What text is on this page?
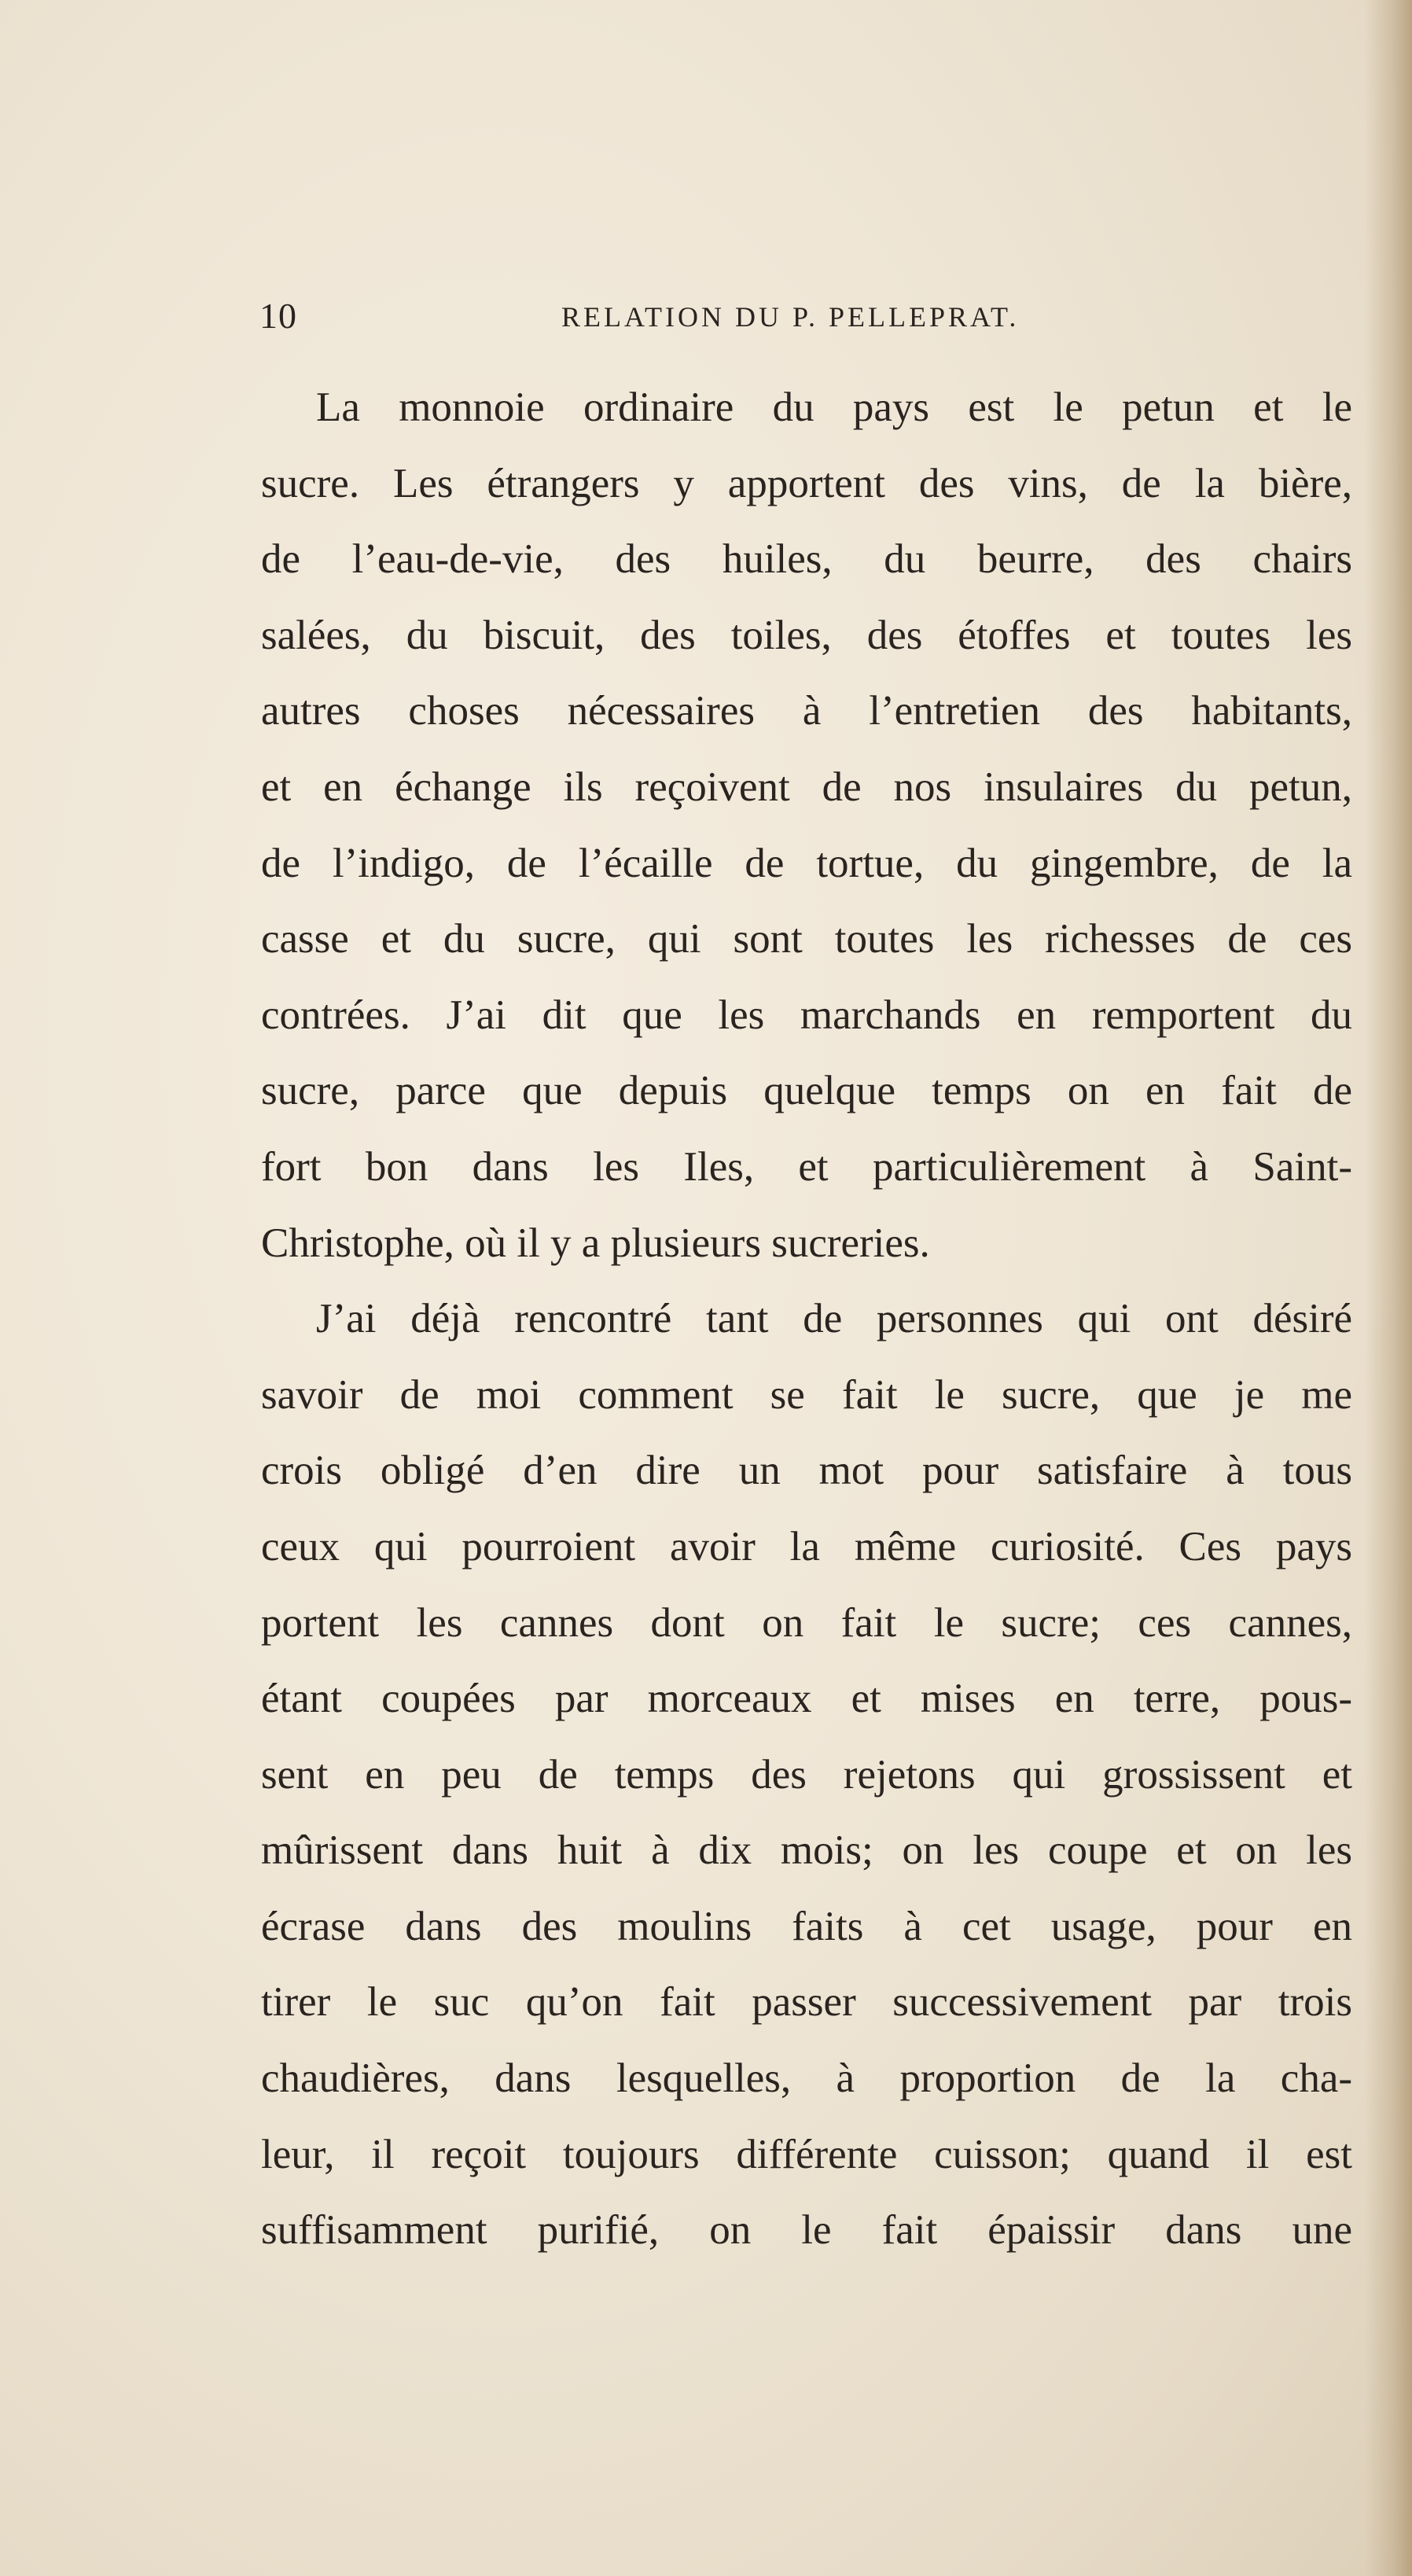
10	RELATION DU P. PELLEPRAT.
La monnoie ordinaire du pays est le petun et le
sucre. Les étrangers y apportent des vins, de la bière,
de l’eau-de-vie, des huiles, du beurre, des chairs
salées, du biscuit, des toiles, des étoffes et toutes les
autres choses nécessaires à l’entretien des habitants,
et en échange ils reçoivent de nos insulaires du petun,
de l’indigo, de l’écaille de tortue, du gingembre, de la
casse et du sucre, qui sont toutes les richesses de ces
contrées. J’ai dit que les marchands en remportent du
sucre, parce que depuis quelque temps on en fait de
fort bon dans les Iles, et particulièrement à Saint-
Christophe, où il y a plusieurs sucreries.
J’ai déjà rencontré tant de personnes qui ont désiré
savoir de moi comment se fait le sucre, que je me
crois obligé d’en dire un mot pour satisfaire à tous
ceux qui pourroient avoir la même curiosité. Ces pays
portent les cannes dont on fait le sucre; ces cannes,
étant coupées par morceaux et mises en terre, pous-
sent en peu de temps des rejetons qui grossissent et
mûrissent dans huit à dix mois; on les coupe et on les
écrase dans des moulins faits à cet usage, pour en
tirer le suc qu’on fait passer successivement par trois
chaudières, dans lesquelles, à proportion de la cha-
leur, il reçoit toujours différente cuisson; quand il est
suffisamment purifié, on le fait épaissir dans une
